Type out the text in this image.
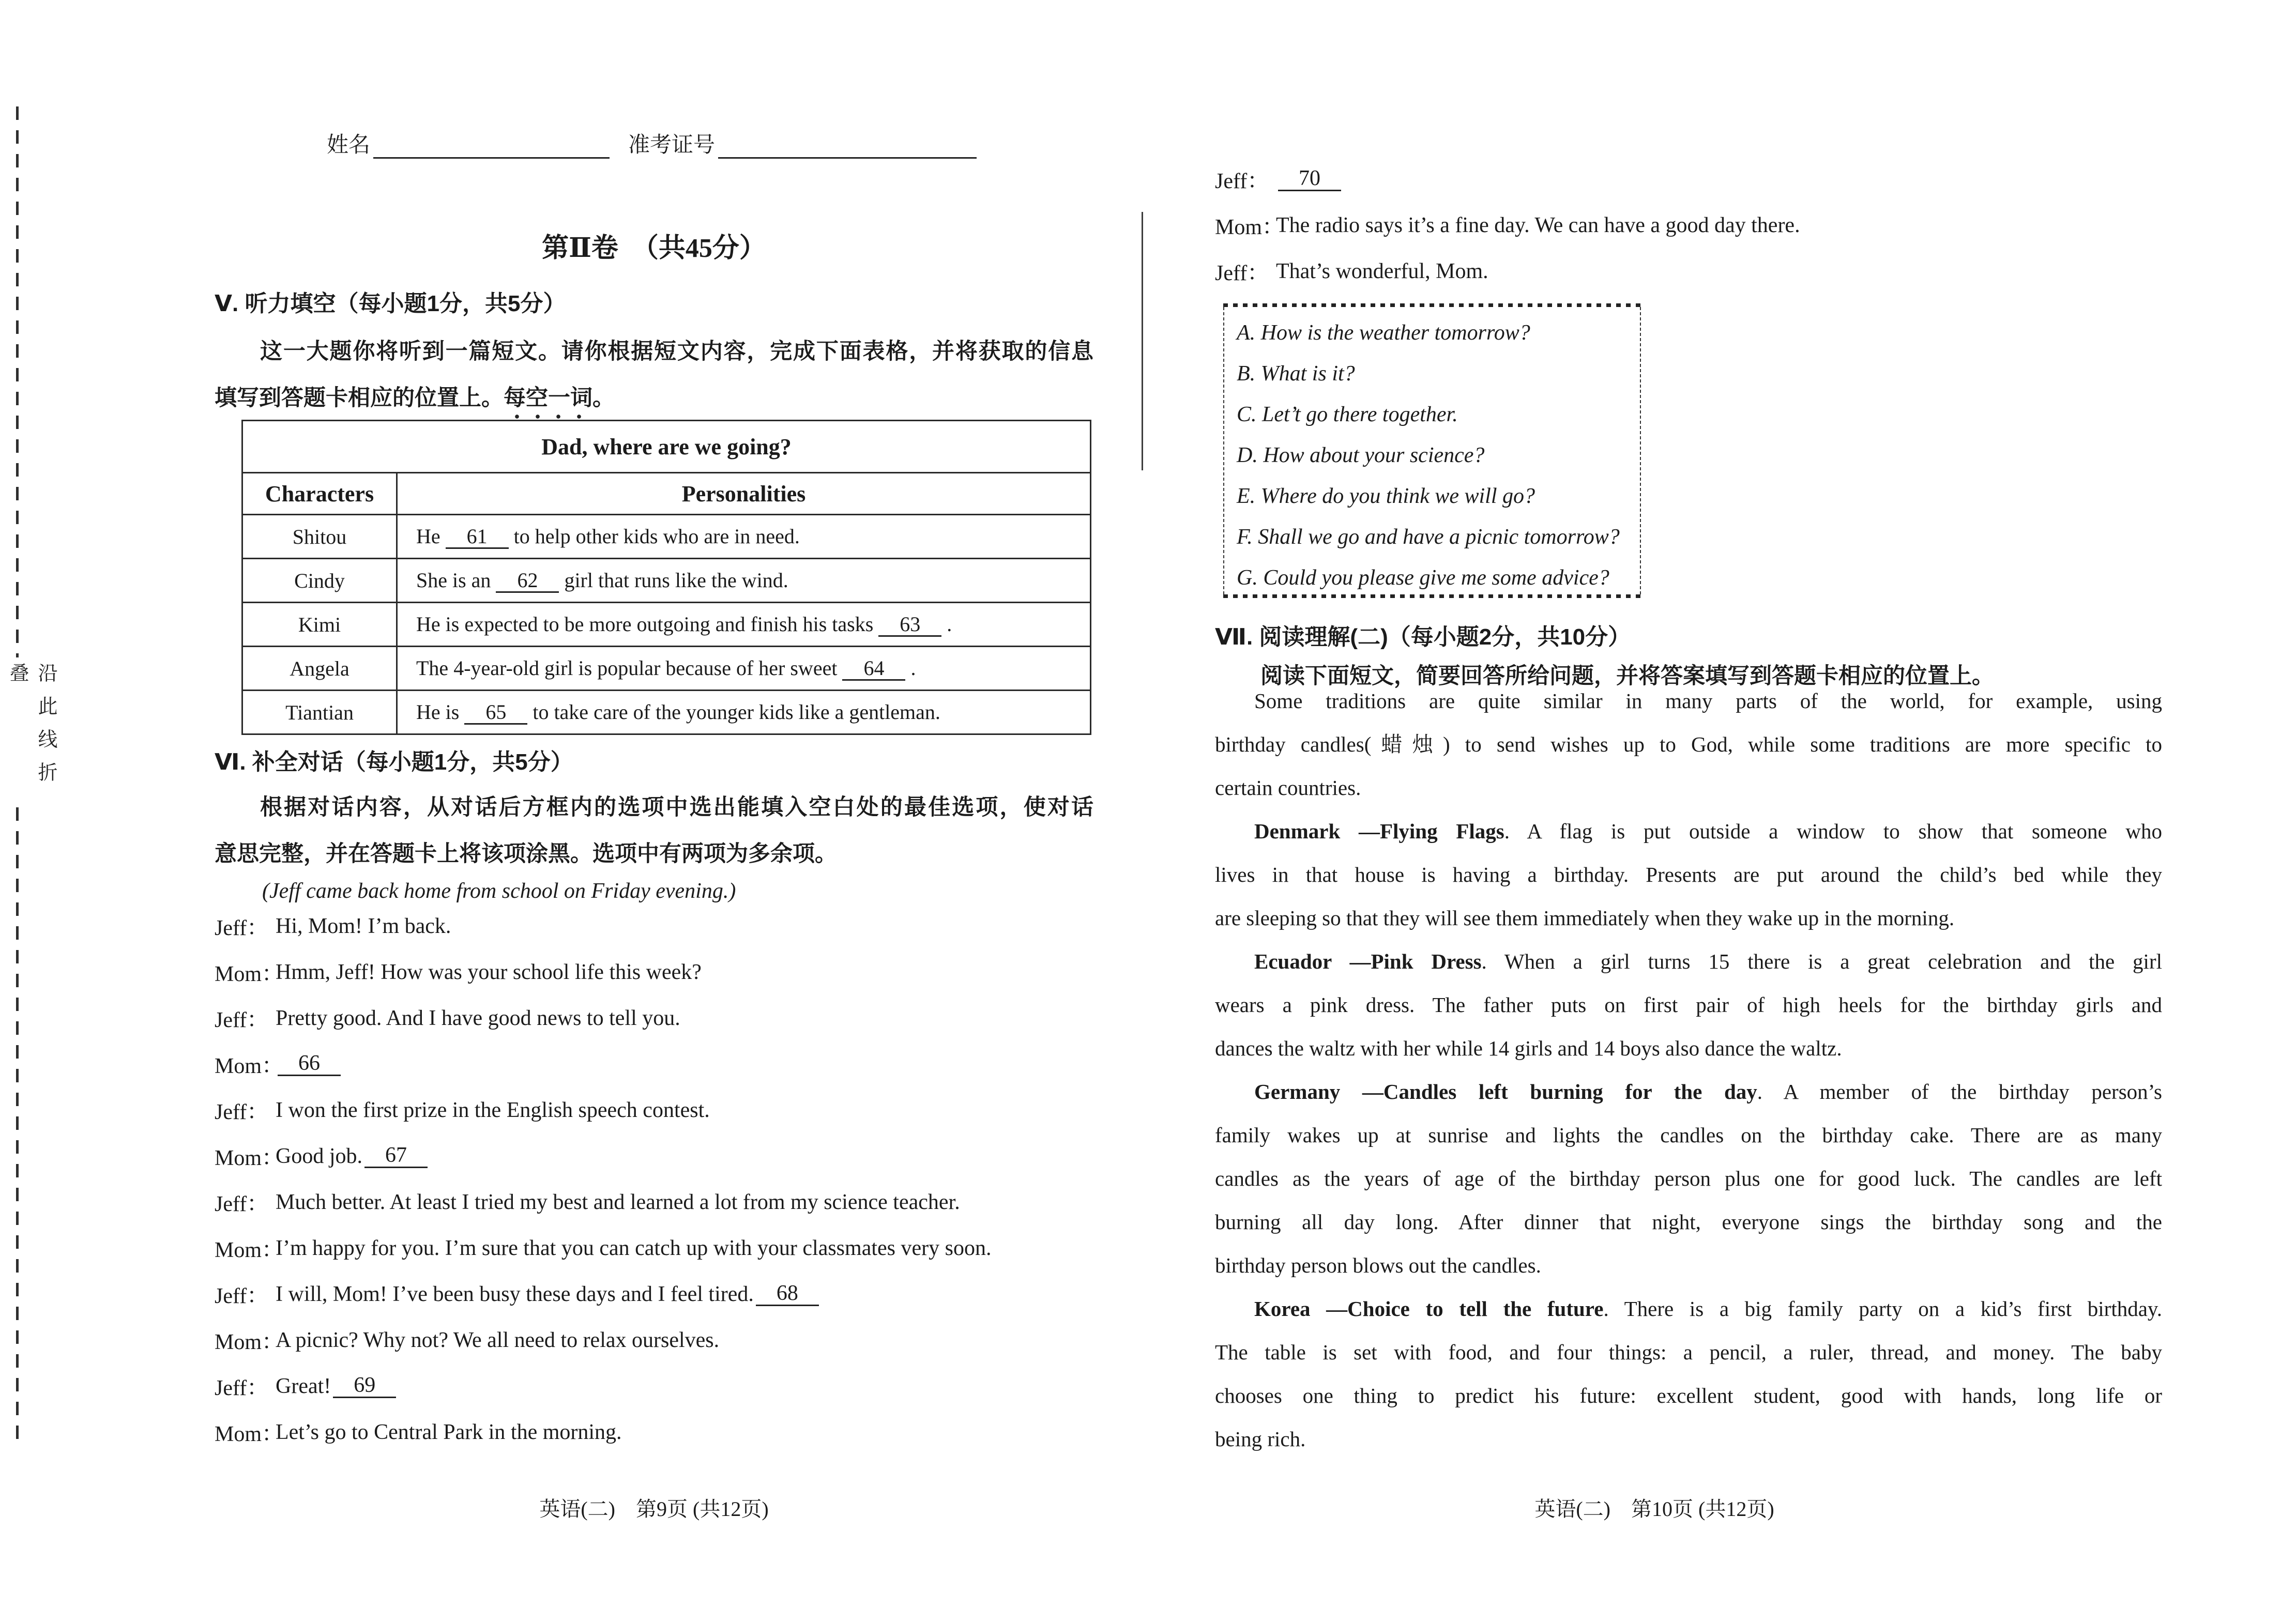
沿此线折叠
姓名	准考证号
第Ⅱ卷　（共45分）
Ⅴ. 听力填空（每小题1分，共5分）
这一大题你将听到一篇短文。请你根据短文内容，完成下面表格，并将获取的信息
填写到答题卡相应的位置上。每空一词。
Dad, where are we going?	
Characters	Personalities
Shitou	He 61 to help other kids who are in need.
Cindy	She is an 62 girl that runs like the wind.
Kimi	He is expected to be more outgoing and finish his tasks 63 .
Angela	The 4-year-old girl is popular because of her sweet 64 .
Tiantian	He is 65 to take care of the younger kids like a gentleman.
Ⅵ. 补全对话（每小题1分，共5分）
根据对话内容，从对话后方框内的选项中选出能填入空白处的最佳选项，使对话
意思完整，并在答题卡上将该项涂黑。选项中有两项为多余项。
(Jeff came back home from school on Friday evening.)
Jeff： Hi, Mom! I’m back.
Mom：
Hmm, Jeff! How was your school life this week?
Jeff： Pretty good. And I have good news to tell you.
Mom： 66
Jeff： I won the first prize in the English speech contest.
Mom：
Good job.	67
Jeff： Much better. At least I tried my best and learned a lot from my science teacher.
Mom：
I’m happy for you. I’m sure that you can catch up with your classmates very soon.
Jeff： I will, Mom! I’ve been busy these days and I feel tired.	68
Mom：
A picnic? Why not? We all need to relax ourselves.
Jeff： Great!	69
Mom：
Let’s go to Central Park in the morning.
英语(二)　第9页 (共12页)
Jeff：	70
Mom：
The radio says it’s a fine day. We can have a good day there.
Jeff： That’s wonderful, Mom.
A. How is the weather tomorrow?
B. What is it?
C. Let’t go there together.
D. How about your science?
E. Where do you think we will go?
F. Shall we go and have a picnic tomorrow?
G. Could you please give me some advice?
Ⅶ. 阅读理解(二)（每小题2分，共10分）
阅读下面短文，简要回答所给问题，并将答案填写到答题卡相应的位置上。
Some traditions are quite similar in many parts of the world, for example, using
birthday candles(蜡烛) to send wishes up to God, while some traditions are more specific to
certain countries.
Denmark —Flying Flags. A flag is put outside a window to show that someone who
lives in that house is having a birthday. Presents are put around the child’s bed while they
are sleeping so that they will see them immediately when they wake up in the morning.
Ecuador —Pink Dress. When a girl turns 15 there is a great celebration and the girl
wears a pink dress. The father puts on first pair of high heels for the birthday girls and
dances the waltz with her while 14 girls and 14 boys also dance the waltz.
Germany —Candles left burning for the day. A member of the birthday person’s
family wakes up at sunrise and lights the candles on the birthday cake. There are as many
candles as the years of age of the birthday person plus one for good luck. The candles are left
burning all day long. After dinner that night, everyone sings the birthday song and the
birthday person blows out the candles.
Korea —Choice to tell the future. There is a big family party on a kid’s first birthday.
The table is set with food, and four things: a pencil, a ruler, thread, and money. The baby
chooses one thing to predict his future: excellent student, good with hands, long life or
being rich.
英语(二)　第10页 (共12页)
